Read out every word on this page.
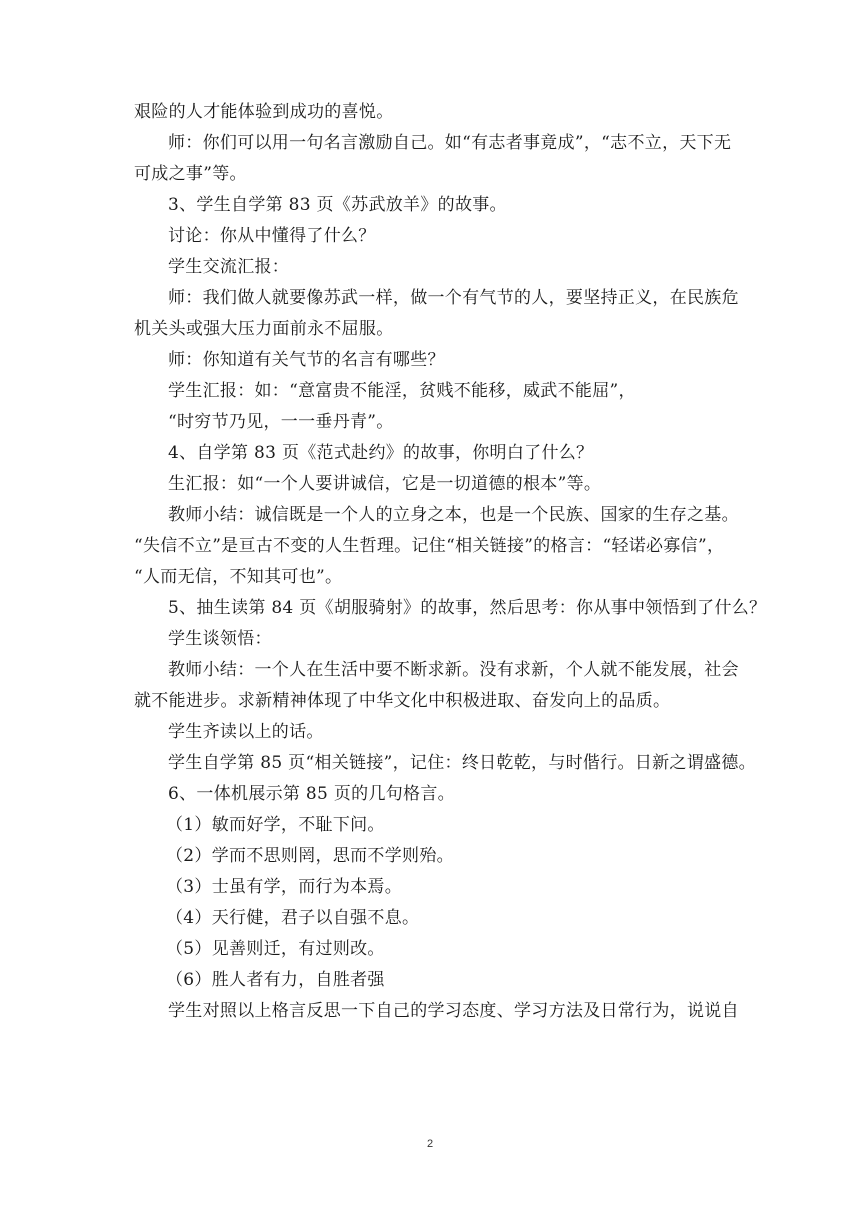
艰险的人才能体验到成功的喜悦。
师：你们可以用一句名言激励自己。如“有志者事竟成”，“志不立，天下无
可成之事”等。
3、学生自学第 83 页《苏武放羊》的故事。
讨论：你从中懂得了什么？
学生交流汇报：
师：我们做人就要像苏武一样，做一个有气节的人，要坚持正义，在民族危
机关头或强大压力面前永不屈服。
师：你知道有关气节的名言有哪些？
学生汇报：如：“意富贵不能淫，贫贱不能移，威武不能屈”，
“时穷节乃见，一一垂丹青”。
4、自学第 83 页《范式赴约》的故事，你明白了什么？
生汇报：如“一个人要讲诚信，它是一切道德的根本”等。
教师小结：诚信既是一个人的立身之本，也是一个民族、国家的生存之基。
“失信不立”是亘古不变的人生哲理。记住“相关链接”的格言：“轻诺必寡信”，
“人而无信，不知其可也”。
5、抽生读第 84 页《胡服骑射》的故事，然后思考：你从事中领悟到了什么？
学生谈领悟：
教师小结：一个人在生活中要不断求新。没有求新，个人就不能发展，社会
就不能进步。求新精神体现了中华文化中积极进取、奋发向上的品质。
学生齐读以上的话。
学生自学第 85 页“相关链接”，记住：终日乾乾，与时偕行。日新之谓盛德。
6、一体机展示第 85 页的几句格言。
（1）敏而好学，不耻下问。
（2）学而不思则罔，思而不学则殆。
（3）士虽有学，而行为本焉。
（4）天行健，君子以自强不息。
（5）见善则迁，有过则改。
（6）胜人者有力，自胜者强
学生对照以上格言反思一下自己的学习态度、学习方法及日常行为，说说自
2
